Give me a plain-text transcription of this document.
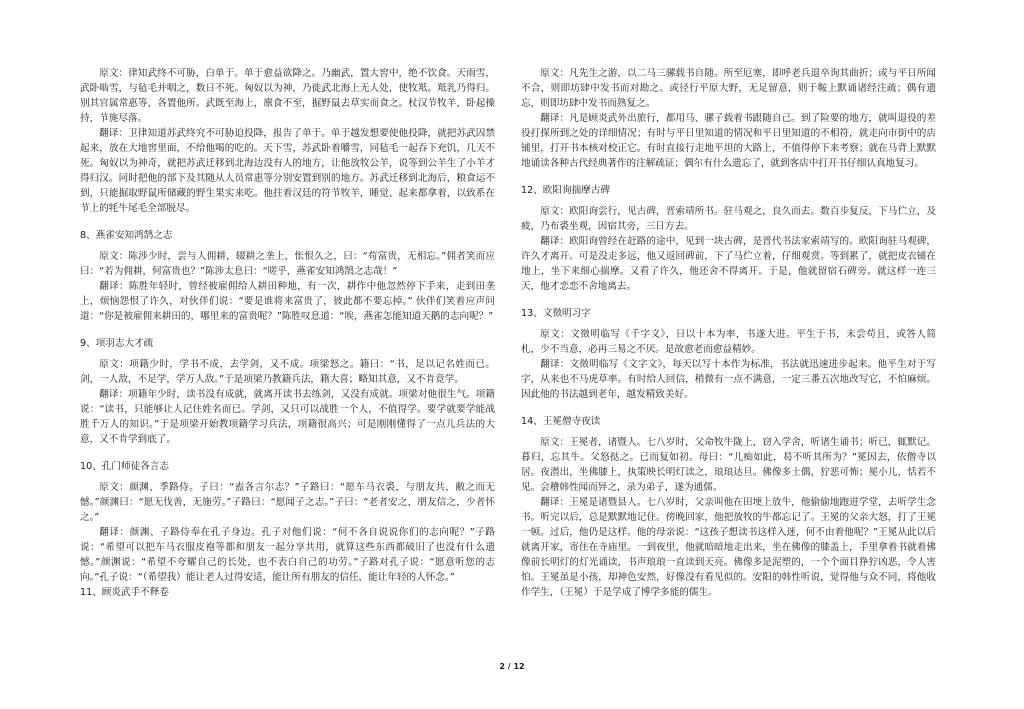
原文：律知武终不可胁，白单于。单于愈益欲降之。乃幽武，置大窖中，绝不饮食。天雨雪，武卧啮雪，与毡毛并咽之，数日不死。匈奴以为神，乃徙武北海上无人处，使牧羝。羝乳乃得归。别其官属常惠等，各置他所。武既至海上，廪食不至，掘野鼠去草实而食之。杖汉节牧羊，卧起操持，节旄尽落。

翻译：卫律知道苏武终究不可胁迫投降，报告了单于。单于越发想要使他投降，就把苏武囚禁起来，放在大地窖里面，不给他喝的吃的。天下雪，苏武卧着嚼雪，同毡毛一起吞下充饥，几天不死。匈奴以为神奇，就把苏武迁移到北海边没有人的地方，让他放牧公羊，说等到公羊生了小羊才得归汉。同时把他的部下及其随从人员常惠等分别安置到别的地方。苏武迁移到北海后，粮食运不到，只能掘取野鼠所储藏的野生果实来吃。他拄着汉廷的符节牧羊，睡觉、起来都拿着，以致系在节上的牦牛尾毛全部脱尽。

8、燕雀安知鸿鹄之志

原文：陈涉少时，尝与人佣耕，辍耕之垄上，怅恨久之，曰：“苟富贵，无相忘。”佣者笑而应曰：“若为佣耕，何富贵也？”陈涉太息曰：“嗟乎，燕雀安知鸿鹄之志哉！”

翻译：陈胜年轻时，曾经被雇佣给人耕田种地，有一次，耕作中他忽然停下手来，走到田垄上，烦恼怨恨了许久，对伙伴们说：“要是谁将来富贵了，彼此都不要忘掉。” 伙伴们笑着应声问道：“你是被雇佣来耕田的，哪里来的富贵呢？”陈胜叹息道：“唉，燕雀怎能知道天鹅的志向呢？”

9、项羽志大才疏

原文：项籍少时，学书不成，去学剑，又不成。项梁怒之。籍曰：“书，足以记名姓而已。剑，一人敌，不足学，学万人敌。”于是项梁乃教籍兵法，籍大喜；略知其意，又不肯竟学。

翻译：项籍年少时，读书没有成就，就离开读书去练剑，又没有成就。项梁对他很生气。项籍说：“读书，只能够让人记住姓名而已。学剑，又只可以战胜一个人，不值得学。要学就要学能战胜千万人的知识。”于是项梁开始教项籍学习兵法，项籍很高兴；可是刚刚懂得了一点儿兵法的大意，又不肯学到底了。

10、孔门师徒各言志

原文：颜渊、季路侍。子曰：“盍各言尔志？”子路曰：“愿车马衣裘，与朋友共，敝之而无憾。”颜渊曰：“愿无伐善，无施劳。”子路曰：“愿闻子之志。”子曰：“老者安之，朋友信之，少者怀之。”

翻译：颜渊、子路侍奉在孔子身边。孔子对他们说：“何不各自说说你们的志向呢？”子路说：“希望可以把车马衣服皮袍等都和朋友一起分享共用，就算这些东西都破旧了也没有什么遗憾。”颜渊说：“希望不夸耀自己的长处，也不表白自己的功劳。”子路对孔子说：“愿意听您的志向。”孔子说：“（希望我）能让老人过得安适，能让所有朋友的信任，能让年轻的人怀念。”

11、顾炎武手不释卷

原文：凡先生之游，以二马三骡载书自随。所至厄塞，即呼老兵退卒询其曲折；或与平日所闻不合，则即坊肆中发书而对勘之。或径行平原大野，无足留意，则于鞍上默诵诸经注疏；偶有遗忘，则即坊肆中发书而熟复之。

翻译：凡是顾炎武外出旅行，都用马、骡子载着书跟随自己。到了险要的地方，就叫退役的差役打探所到之处的详细情况；有时与平日里知道的情况和平日里知道的不相符，就走向市街中的店铺里，打开书本核对校正它。有时直接行走地平坦的大路上，不值得停下来考察；就在马背上默默地诵读各种古代经典著作的注解疏证；偶尔有什么遗忘了，就到客店中打开书仔细认真地复习。

12、欧阳询揣摩古碑

原文：欧阳询尝行，见古碑，晋索靖所书。驻马观之，良久而去。数百步复反，下马伫立，及疲，乃布裘坐观，因宿其旁，三日方去。

翻译：欧阳询曾经在赶路的途中，见到一块古碑，是晋代书法家索靖写的。欧阳询驻马观碑，许久才离开。可是没走多远，他又返回碑前，下了马伫立着，仔细观赏。等到累了，就把皮衣铺在地上，坐下来细心揣摩。又看了许久，他还舍不得离开。于是，他就留宿石碑旁。就这样一连三天，他才恋恋不舍地离去。

13、文徵明习字

原文：文徵明临写《千字文》，日以十本为率，书遂大进。平生于书，未尝苟且，或答人简札，少不当意，必再三易之不厌。是故愈老而愈益精妙。

翻译：文徵明临写《文字文》，每天以写十本作为标准，书法就迅速进步起来。他平生对于写字，从来也不马虎草率。有时给人回信，稍微有一点不满意，一定三番五次地改写它，不怕麻烦。因此他的书法越到老年，越发精致美好。

14、王冕僧寺夜读

原文：王冕者，诸暨人。七八岁时，父命牧牛陇上，窃入学舍，听诸生诵书；听已，辄默记。暮归，忘其牛。父怒挞之。已而复如初。母曰：“儿痴如此，曷不听其所为？”冕因去，依僧寺以居。夜潜出，坐佛膝上，执策映长明灯读之，琅琅达旦。佛像多土偶，狞恶可怖；冕小儿，恬若不见。会稽韩性闻而异之，录为弟子，遂为通儒。

翻译：王冕是诸暨县人。七八岁时，父亲叫他在田埂上放牛，他偷偷地跑进学堂，去听学生念书。听完以后，总是默默地记住。傍晚回家，他把放牧的牛都忘记了。王冕的父亲大怒，打了王冕一顿。过后，他仍是这样。他的母亲说：“这孩子想读书这样入迷，何不由着他呢？”王冕从此以后就离开家，寄住在寺庙里。一到夜里，他就暗暗地走出来，坐在佛像的膝盖上，手里拿着书就着佛像前长明灯的灯光诵读，书声琅琅一直读到天亮。佛像多是泥塑的，一个个面目狰狞凶恶，令人害怕。王冕虽是小孩，却神色安然，好像没有看见似的。安阳的韩性听说，觉得他与众不同，将他收作学生，（王冕）于是学成了博学多能的儒生。

2 / 12
